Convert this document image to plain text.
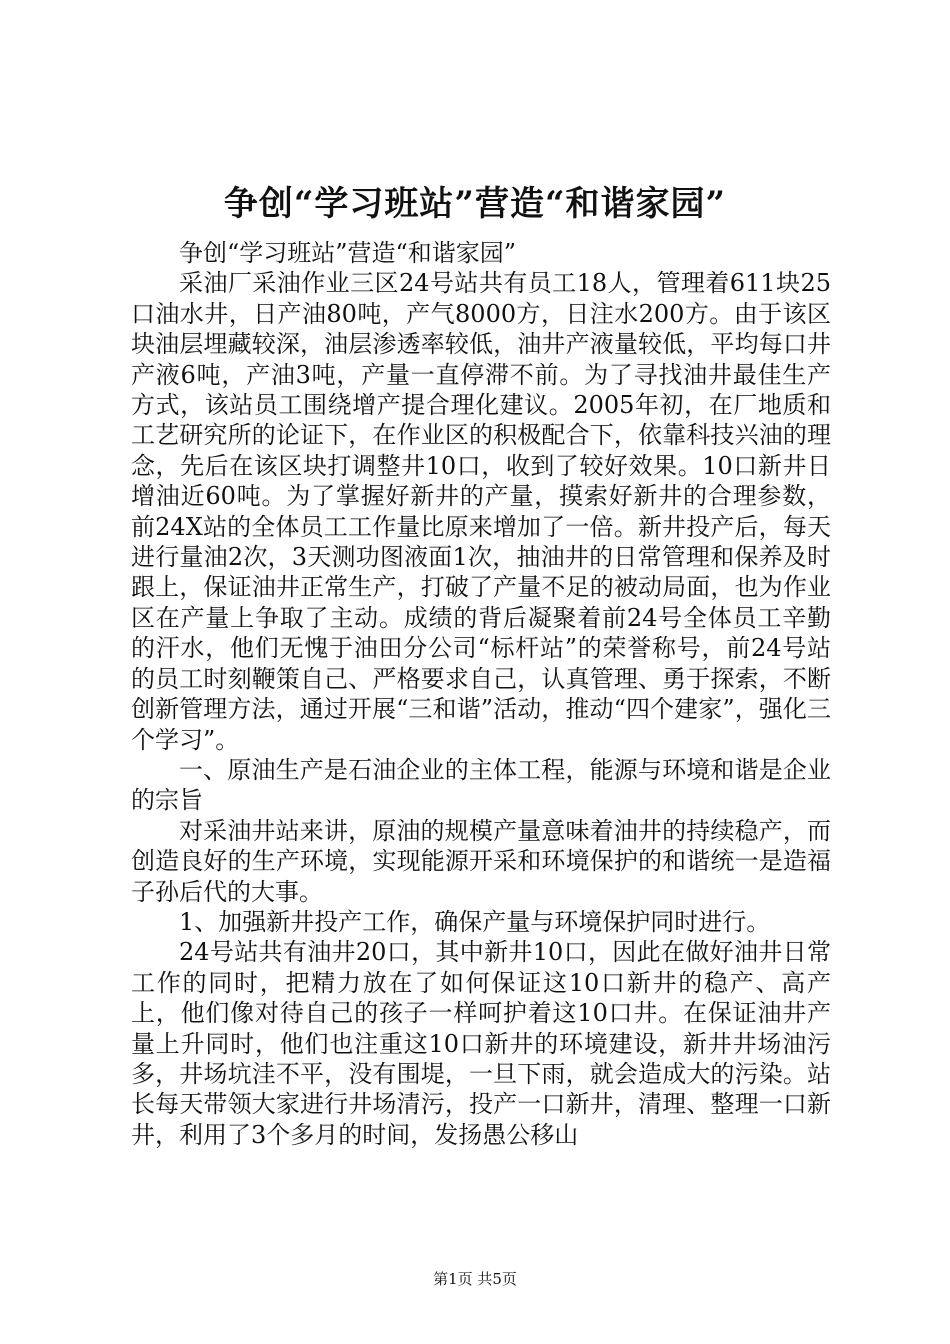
争创“学习班站”营造“和谐家园”

争创“学习班站”营造“和谐家园”

采油厂采油作业三区24号站共有员工18人，管理着611块25口油水井，日产油80吨，产气8000方，日注水200方。由于该区块油层埋藏较深，油层渗透率较低，油井产液量较低，平均每口井产液6吨，产油3吨，产量一直停滞不前。为了寻找油井最佳生产方式，该站员工围绕增产提合理化建议。2005年初，在厂地质和工艺研究所的论证下，在作业区的积极配合下，依靠科技兴油的理念，先后在该区块打调整井10口，收到了较好效果。10口新井日增油近60吨。为了掌握好新井的产量，摸索好新井的合理参数，前24X站的全体员工工作量比原来增加了一倍。新井投产后，每天进行量油2次，3天测功图液面1次，抽油井的日常管理和保养及时跟上，保证油井正常生产，打破了产量不足的被动局面，也为作业区在产量上争取了主动。成绩的背后凝聚着前24号全体员工辛勤的汗水，他们无愧于油田分公司“标杆站”的荣誉称号，前24号站的员工时刻鞭策自己、严格要求自己，认真管理、勇于探索，不断创新管理方法，通过开展“三和谐”活动，推动“四个建家”，强化三个学习”。

一、原油生产是石油企业的主体工程，能源与环境和谐是企业的宗旨

对采油井站来讲，原油的规模产量意味着油井的持续稳产，而创造良好的生产环境，实现能源开采和环境保护的和谐统一是造福子孙后代的大事。

1、加强新井投产工作，确保产量与环境保护同时进行。

24号站共有油井20口，其中新井10口，因此在做好油井日常工作的同时，把精力放在了如何保证这10口新井的稳产、高产上，他们像对待自己的孩子一样呵护着这10口井。在保证油井产量上升同时，他们也注重这10口新井的环境建设，新井井场油污多，井场坑洼不平，没有围堤，一旦下雨，就会造成大的污染。站长每天带领大家进行井场清污，投产一口新井，清理、整理一口新井，利用了3个多月的时间，发扬愚公移山

第1页 共5页
